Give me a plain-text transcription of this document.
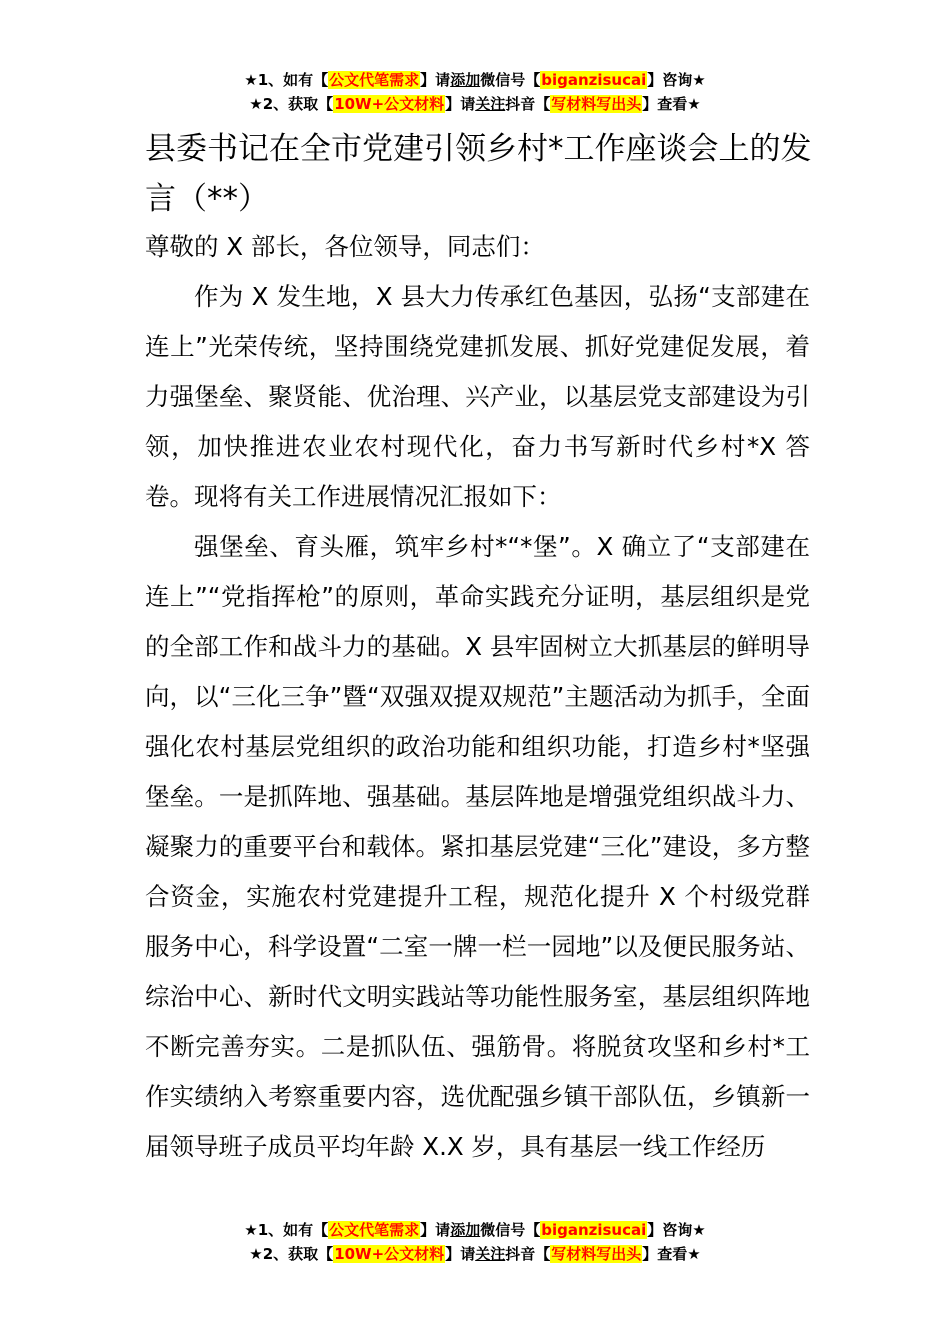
★1、如有【公文代笔需求】请添加微信号【biganzisucai】咨询★
★2、获取【10W+公文材料】请关注抖音【写材料写出头】查看★
县委书记在全市党建引领乡村*工作座谈会上的发言（**）

尊敬的 X 部长，各位领导，同志们：

作为 X 发生地，X 县大力传承红色基因，弘扬“支部建在连上”光荣传统，坚持围绕党建抓发展、抓好党建促发展，着力强堡垒、聚贤能、优治理、兴产业，以基层党支部建设为引领，加快推进农业农村现代化，奋力书写新时代乡村*X 答卷。现将有关工作进展情况汇报如下：

强堡垒、育头雁，筑牢乡村*“*堡”。X 确立了“支部建在连上”“党指挥枪”的原则，革命实践充分证明，基层组织是党的全部工作和战斗力的基础。X 县牢固树立大抓基层的鲜明导向，以“三化三争”暨“双强双提双规范”主题活动为抓手，全面强化农村基层党组织的政治功能和组织功能，打造乡村*坚强堡垒。一是抓阵地、强基础。基层阵地是增强党组织战斗力、凝聚力的重要平台和载体。紧扣基层党建“三化”建设，多方整合资金，实施农村党建提升工程，规范化提升 X 个村级党群服务中心，科学设置“二室一牌一栏一园地”以及便民服务站、综治中心、新时代文明实践站等功能性服务室，基层组织阵地不断完善夯实。二是抓队伍、强筋骨。将脱贫攻坚和乡村*工作实绩纳入考察重要内容，选优配强乡镇干部队伍，乡镇新一届领导班子成员平均年龄 X.X 岁，具有基层一线工作经历

★1、如有【公文代笔需求】请添加微信号【biganzisucai】咨询★
★2、获取【10W+公文材料】请关注抖音【写材料写出头】查看★
